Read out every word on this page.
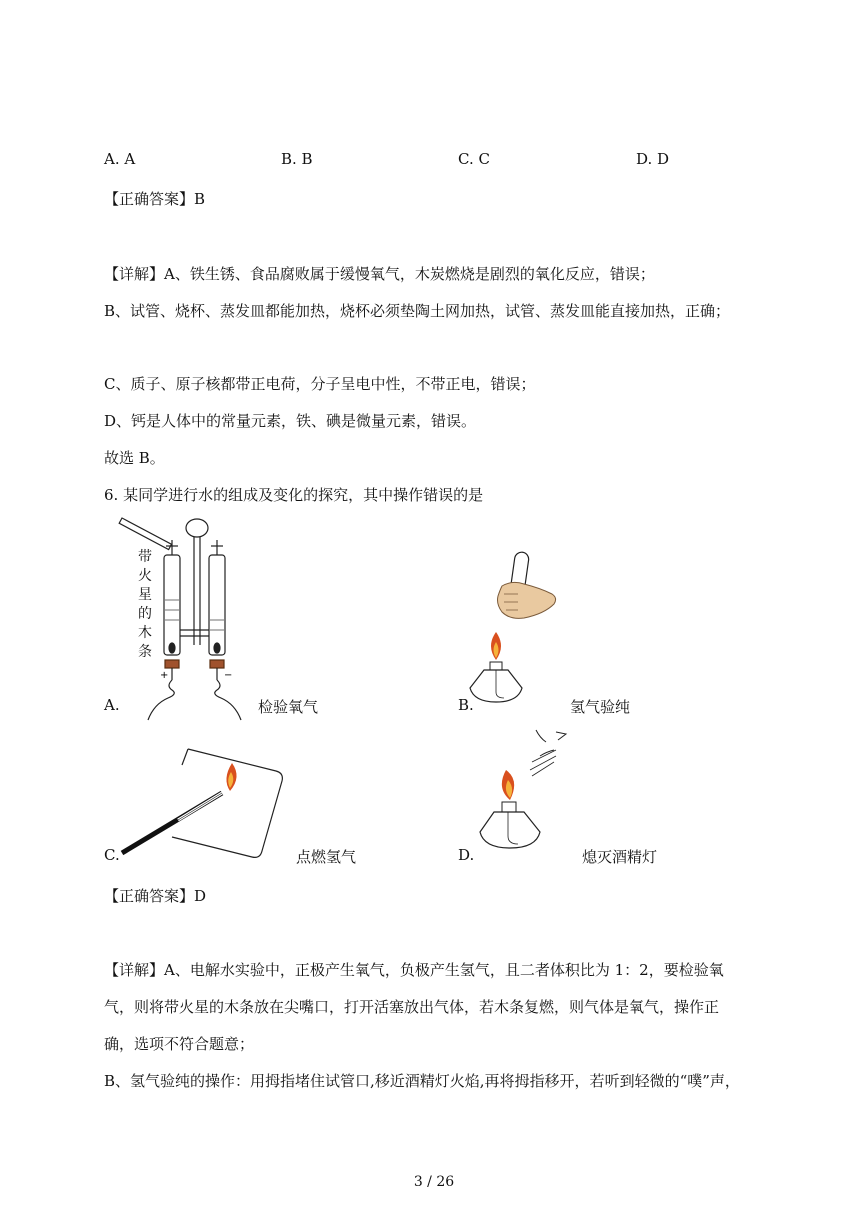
A. A	B. B	C. C	D. D
【正确答案】B
【详解】A、铁生锈、食品腐败属于缓慢氧气，木炭燃烧是剧烈的氧化反应，错误；
B、试管、烧杯、蒸发皿都能加热，烧杯必须垫陶土网加热，试管、蒸发皿能直接加热，正确；
C、质子、原子核都带正电荷，分子呈电中性，不带正电，错误；
D、钙是人体中的常量元素，铁、碘是微量元素，错误。
故选 B。
6. 某同学进行水的组成及变化的探究，其中操作错误的是
+	−
带
火
星
的
木
条
A.	检验氧气	B.	氢气验纯
C.	点燃氢气	D.	熄灭酒精灯
【正确答案】D
【详解】A、电解水实验中，正极产生氧气，负极产生氢气，且二者体积比为 1：2，要检验氧
气，则将带火星的木条放在尖嘴口，打开活塞放出气体，若木条复燃，则气体是氧气，操作正
确，选项不符合题意；
B、氢气验纯的操作：用拇指堵住试管口,移近酒精灯火焰,再将拇指移开，若听到轻微的“噗”声，
3 / 26
